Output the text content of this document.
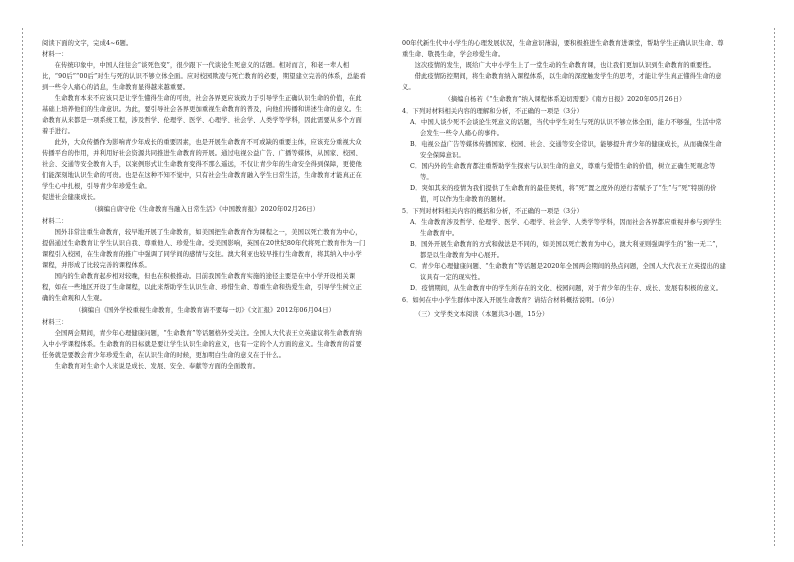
阅读下面的文字，完成4~6题。

材料一：

在传统印象中，中国人往往会“谈死色变”，很少跟下一代谈论生死意义的话题。相对而言，和老一辈人相比，“90后”“00后”对生与死的认识不够立体全面。应对校园欺凌与死亡教育的必要，期望建立完善的体系，总能看到一些令人痛心的消息，生命教育显得越来越重要。

生命教育本来不应该只是让学生懂得生命的可贵，社会各界更应该致力于引导学生正确认识生命的价值，在此基础上培养他们的生命意识。为此，要引导社会各界更加重视生命教育的普及，向他们传播和讲述生命的意义。生命教育从来都是一项系统工程，涉及哲学、伦理学、医学、心理学、社会学、人类学等学科，因此需要从多个方面着手进行。

此外，大众传播作为影响青少年成长的重要因素，也是开展生命教育不可或缺的重要主体，应该充分重视大众传播平台的作用，并利用好社会资源共同推进生命教育的开展。通过电视公益广告、广播等媒体，从国家、校园、社会、交通等安全教育入手，以案例形式让生命教育变得不那么遥远，不仅让青少年的生命安全得到保障，更使他们能深刻地认识生命的可贵。也是在这种不知不觉中，只有社会生命教育融入学生日常生活，生命教育才能真正在学生心中扎根，引导青少年珍爱生命。

促进社会健康成长。

（摘编自唐守伦《生命教育当融入日常生活》《中国教育报》2020年02月26日）

材料二：

国外非常注重生命教育，较早地开展了生命教育，如美国把生命教育作为课程之一，美国以死亡教育为中心，提倡通过生命教育让学生认识自我、尊重他人、珍爱生命。受美国影响，英国在20世纪80年代将死亡教育作为一门课程引入校园，在生命教育的推广中强调了同学间的感情与交往。澳大利亚也较早推行生命教育，将其纳入中小学课程，并形成了比较完善的课程体系。

国内的生命教育起步相对较晚，但也在积极推动。目前我国生命教育实施的途径主要是在中小学开设相关课程，如在一些地区开设了生命课程，以此来帮助学生认识生命、珍惜生命、尊重生命和热爱生命，引导学生树立正确的生命观和人生观。

（摘编自《国外学校重视生命教育，生命教育请不要每一切》《文汇报》2012年06月04日）

材料三：

全国两会期间，青少年心理健康问题，“生命教育”等话题格外受关注。全国人大代表王立英建议将生命教育纳入中小学课程体系。生命教育的目标就是要让学生认识生命的意义，也有一定的个人方面的意义。生命教育的首要任务就是要教会青少年珍爱生命，在认识生命的时候，更加明白生命的意义在于什么。

生命教育对生命个人来说是成长、发展、安全、奉献等方面的全面教育。

00年代新生代中小学生的心理发展状况，生命意识薄弱，要积极推进生命教育进课堂，帮助学生正确认识生命、尊重生命、敬畏生命，学会珍爱生命。

这次疫情的发生，既给广大中小学生上了一堂生动的生命教育课，也让我们更加认识到生命教育的重要性。

借此疫情防控期间，将生命教育纳入课程体系，以生命的深度触发学生的思考，才能让学生真正懂得生命的意义。

（摘编自杨若《“生命教育”纳入课程体系迫切需要》《南方日报》2020年05月26日）

4．下列对材料相关内容的理解和分析，不正确的一项是（3分）

A．中国人谈少死不会谈论生死意义的话题，当代中学生对生与死的认识不够立体全面，能力不够强，生活中常会发生一些令人痛心的事件。

B．电视公益广告等媒体传播国家、校园、社会、交通等安全常识，能够提升青少年的健康成长，从而确保生命安全保障意识。

C．国内外的生命教育都注重帮助学生探索与认识生命的意义，尊重与爱惜生命的价值，树立正确生死观念等等。

D．突如其来的疫情为我们提供了生命教育的最佳契机，将“死”置之度外的逆行者赋予了“生”与“死”特别的价值，可以作为生命教育的题材。

5．下列对材料相关内容的概括和分析，不正确的一项是（3分）

A．生命教育涉及哲学、伦理学、医学、心理学、社会学、人类学等学科，因而社会各界都应重视并参与到学生生命教育中。

B．国外开展生命教育的方式和做法是不同的，如美国以死亡教育为中心，澳大利亚则强调学生的“独一无二”，都是以生命教育为中心展开。

C．青少年心理健康问题、“生命教育”等话题是2020年全国两会期间的热点问题，全国人大代表王立英提出的建议具有一定的现实性。

D．疫情期间，从生命教育中的学生所存在的文化、校园问题，对于青少年的生存、成长、发展有积极的意义。

6．如何在中小学生群体中深入开展生命教育？请结合材料概括说明。（6分）

（三）文学类文本阅读（本题共3小题，15分）
